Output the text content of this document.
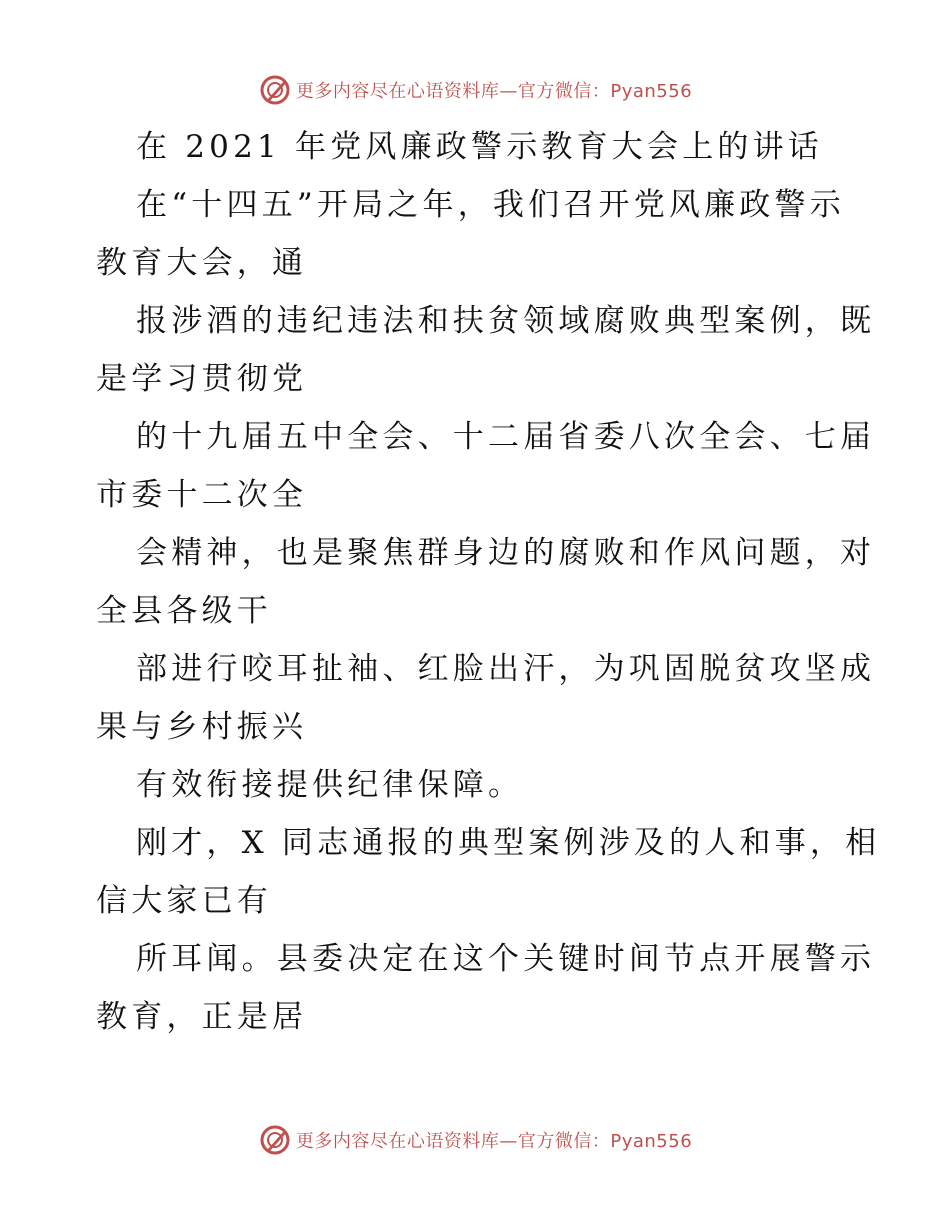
更多内容尽在心语资料库—官方微信：Pyan556
在 2021 年党风廉政警示教育大会上的讲话
在“十四五”开局之年，我们召开党风廉政警示
教育大会，通
报涉酒的违纪违法和扶贫领域腐败典型案例，既
是学习贯彻党
的十九届五中全会、十二届省委八次全会、七届
市委十二次全
会精神，也是聚焦群身边的腐败和作风问题，对
全县各级干
部进行咬耳扯袖、红脸出汗，为巩固脱贫攻坚成
果与乡村振兴
有效衔接提供纪律保障。
刚才，X 同志通报的典型案例涉及的人和事，相
信大家已有
所耳闻。县委决定在这个关键时间节点开展警示
教育，正是居
更多内容尽在心语资料库—官方微信：Pyan556
